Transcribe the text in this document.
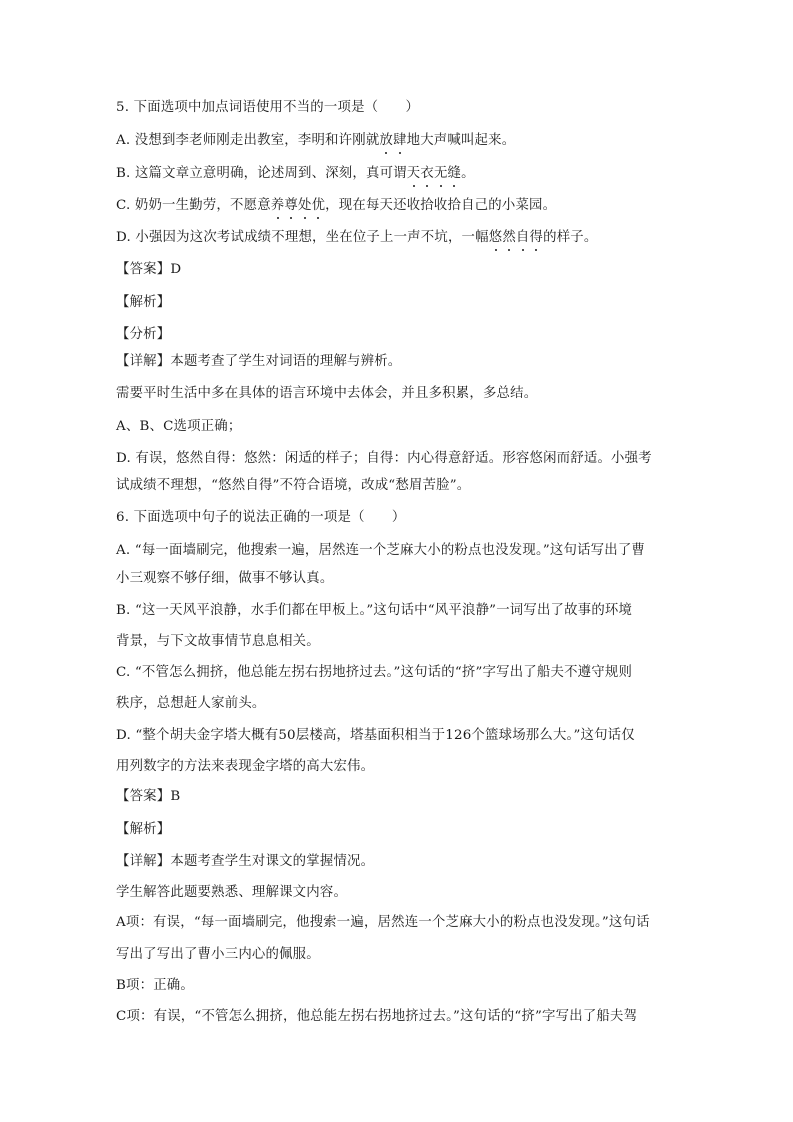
5. 下面选项中加点词语使用不当的一项是（　　）
A. 没想到李老师刚走出教室，李明和许刚就放肆地大声喊叫起来。
B. 这篇文章立意明确，论述周到、深刻，真可谓天衣无缝。
C. 奶奶一生勤劳，不愿意养尊处优，现在每天还收拾收拾自己的小菜园。
D. 小强因为这次考试成绩不理想，坐在位子上一声不坑，一幅悠然自得的样子。
【答案】D
【解析】
【分析】
【详解】本题考查了学生对词语的理解与辨析。
需要平时生活中多在具体的语言环境中去体会，并且多积累，多总结。
A、B、C选项正确；
D. 有误，悠然自得：悠然：闲适的样子；自得：内心得意舒适。形容悠闲而舒适。小强考
试成绩不理想，“悠然自得”不符合语境，改成“愁眉苦脸”。
6. 下面选项中句子的说法正确的一项是（　　）
A. “每一面墙刷完，他搜索一遍，居然连一个芝麻大小的粉点也没发现。”这句话写出了曹
小三观察不够仔细，做事不够认真。
B. “这一天风平浪静，水手们都在甲板上。”这句话中“风平浪静”一词写出了故事的环境
背景，与下文故事情节息息相关。
C. “不管怎么拥挤，他总能左拐右拐地挤过去。”这句话的“挤”字写出了船夫不遵守规则
秩序，总想赶人家前头。
D. “整个胡夫金字塔大概有50层楼高，塔基面积相当于126个篮球场那么大。”这句话仅
用列数字的方法来表现金字塔的高大宏伟。
【答案】B
【解析】
【详解】本题考查学生对课文的掌握情况。
学生解答此题要熟悉、理解课文内容。
A项：有误，“每一面墙刷完，他搜索一遍，居然连一个芝麻大小的粉点也没发现。”这句话
写出了写出了曹小三内心的佩服。
B项：正确。
C项：有误，“不管怎么拥挤，他总能左拐右拐地挤过去。”这句话的“挤”字写出了船夫驾
